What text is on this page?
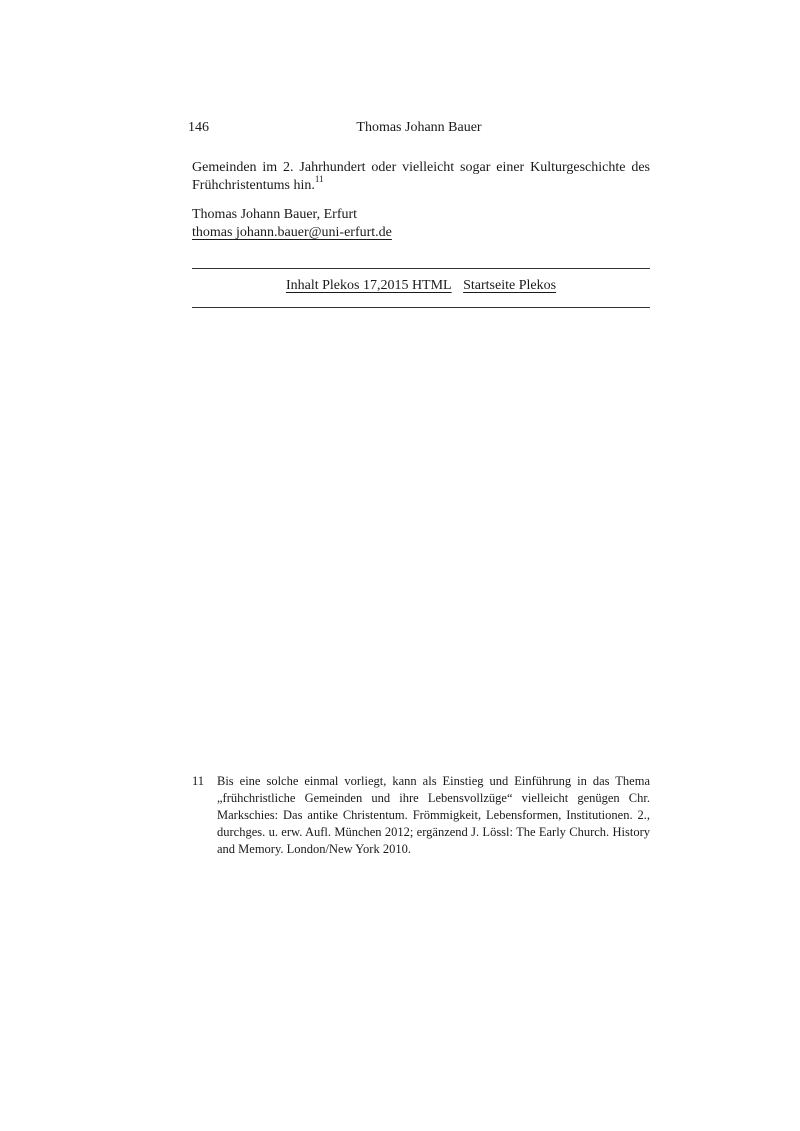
146	Thomas Johann Bauer
Gemeinden im 2. Jahrhundert oder vielleicht sogar einer Kulturgeschichte des Frühchristentums hin.$^{11}$
Thomas Johann Bauer, Erfurt
thomas johann.bauer@uni-erfurt.de
Inhalt Plekos 17,2015 HTML Startseite Plekos
11	Bis eine solche einmal vorliegt, kann als Einstieg und Einführung in das Thema „frühchristliche Gemeinden und ihre Lebensvollzüge“ vielleicht genügen Chr. Markschies: Das antike Christentum. Frömmigkeit, Lebensformen, Institutionen. 2., durchges. u. erw. Aufl. München 2012; ergänzend J. Lössl: The Early Church. History and Memory. London/New York 2010.
